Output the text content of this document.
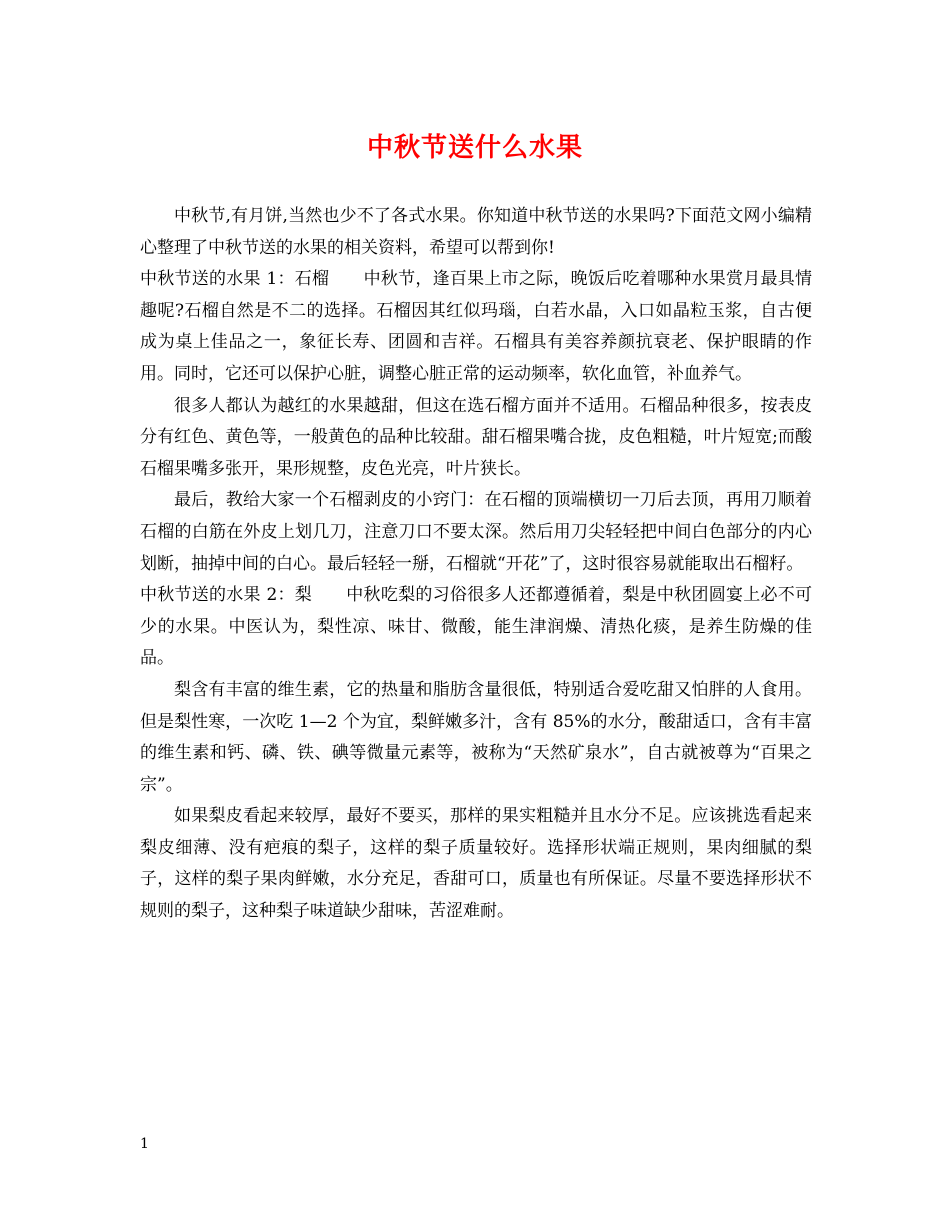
中秋节送什么水果

中秋节,有月饼,当然也少不了各式水果。你知道中秋节送的水果吗?下面范文网小编精心整理了中秋节送的水果的相关资料，希望可以帮到你!

中秋节送的水果 1：石榴 中秋节，逢百果上市之际，晚饭后吃着哪种水果赏月最具情趣呢?石榴自然是不二的选择。石榴因其红似玛瑙，白若水晶，入口如晶粒玉浆，自古便成为桌上佳品之一，象征长寿、团圆和吉祥。石榴具有美容养颜抗衰老、保护眼睛的作用。同时，它还可以保护心脏，调整心脏正常的运动频率，软化血管，补血养气。

很多人都认为越红的水果越甜，但这在选石榴方面并不适用。石榴品种很多，按表皮分有红色、黄色等，一般黄色的品种比较甜。甜石榴果嘴合拢，皮色粗糙，叶片短宽;而酸石榴果嘴多张开，果形规整，皮色光亮，叶片狭长。

最后，教给大家一个石榴剥皮的小窍门：在石榴的顶端横切一刀后去顶，再用刀顺着石榴的白筋在外皮上划几刀，注意刀口不要太深。然后用刀尖轻轻把中间白色部分的内心划断，抽掉中间的白心。最后轻轻一掰，石榴就“开花”了，这时很容易就能取出石榴籽。

中秋节送的水果 2：梨 中秋吃梨的习俗很多人还都遵循着，梨是中秋团圆宴上必不可少的水果。中医认为，梨性凉、味甘、微酸，能生津润燥、清热化痰，是养生防燥的佳品。

梨含有丰富的维生素，它的热量和脂肪含量很低，特别适合爱吃甜又怕胖的人食用。但是梨性寒，一次吃 1—2 个为宜，梨鲜嫩多汁，含有 85%的水分，酸甜适口，含有丰富的维生素和钙、磷、铁、碘等微量元素等，被称为“天然矿泉水”，自古就被尊为“百果之宗”。

如果梨皮看起来较厚，最好不要买，那样的果实粗糙并且水分不足。应该挑选看起来梨皮细薄、没有疤痕的梨子，这样的梨子质量较好。选择形状端正规则，果肉细腻的梨子，这样的梨子果肉鲜嫩，水分充足，香甜可口，质量也有所保证。尽量不要选择形状不规则的梨子，这种梨子味道缺少甜味，苦涩难耐。

1
